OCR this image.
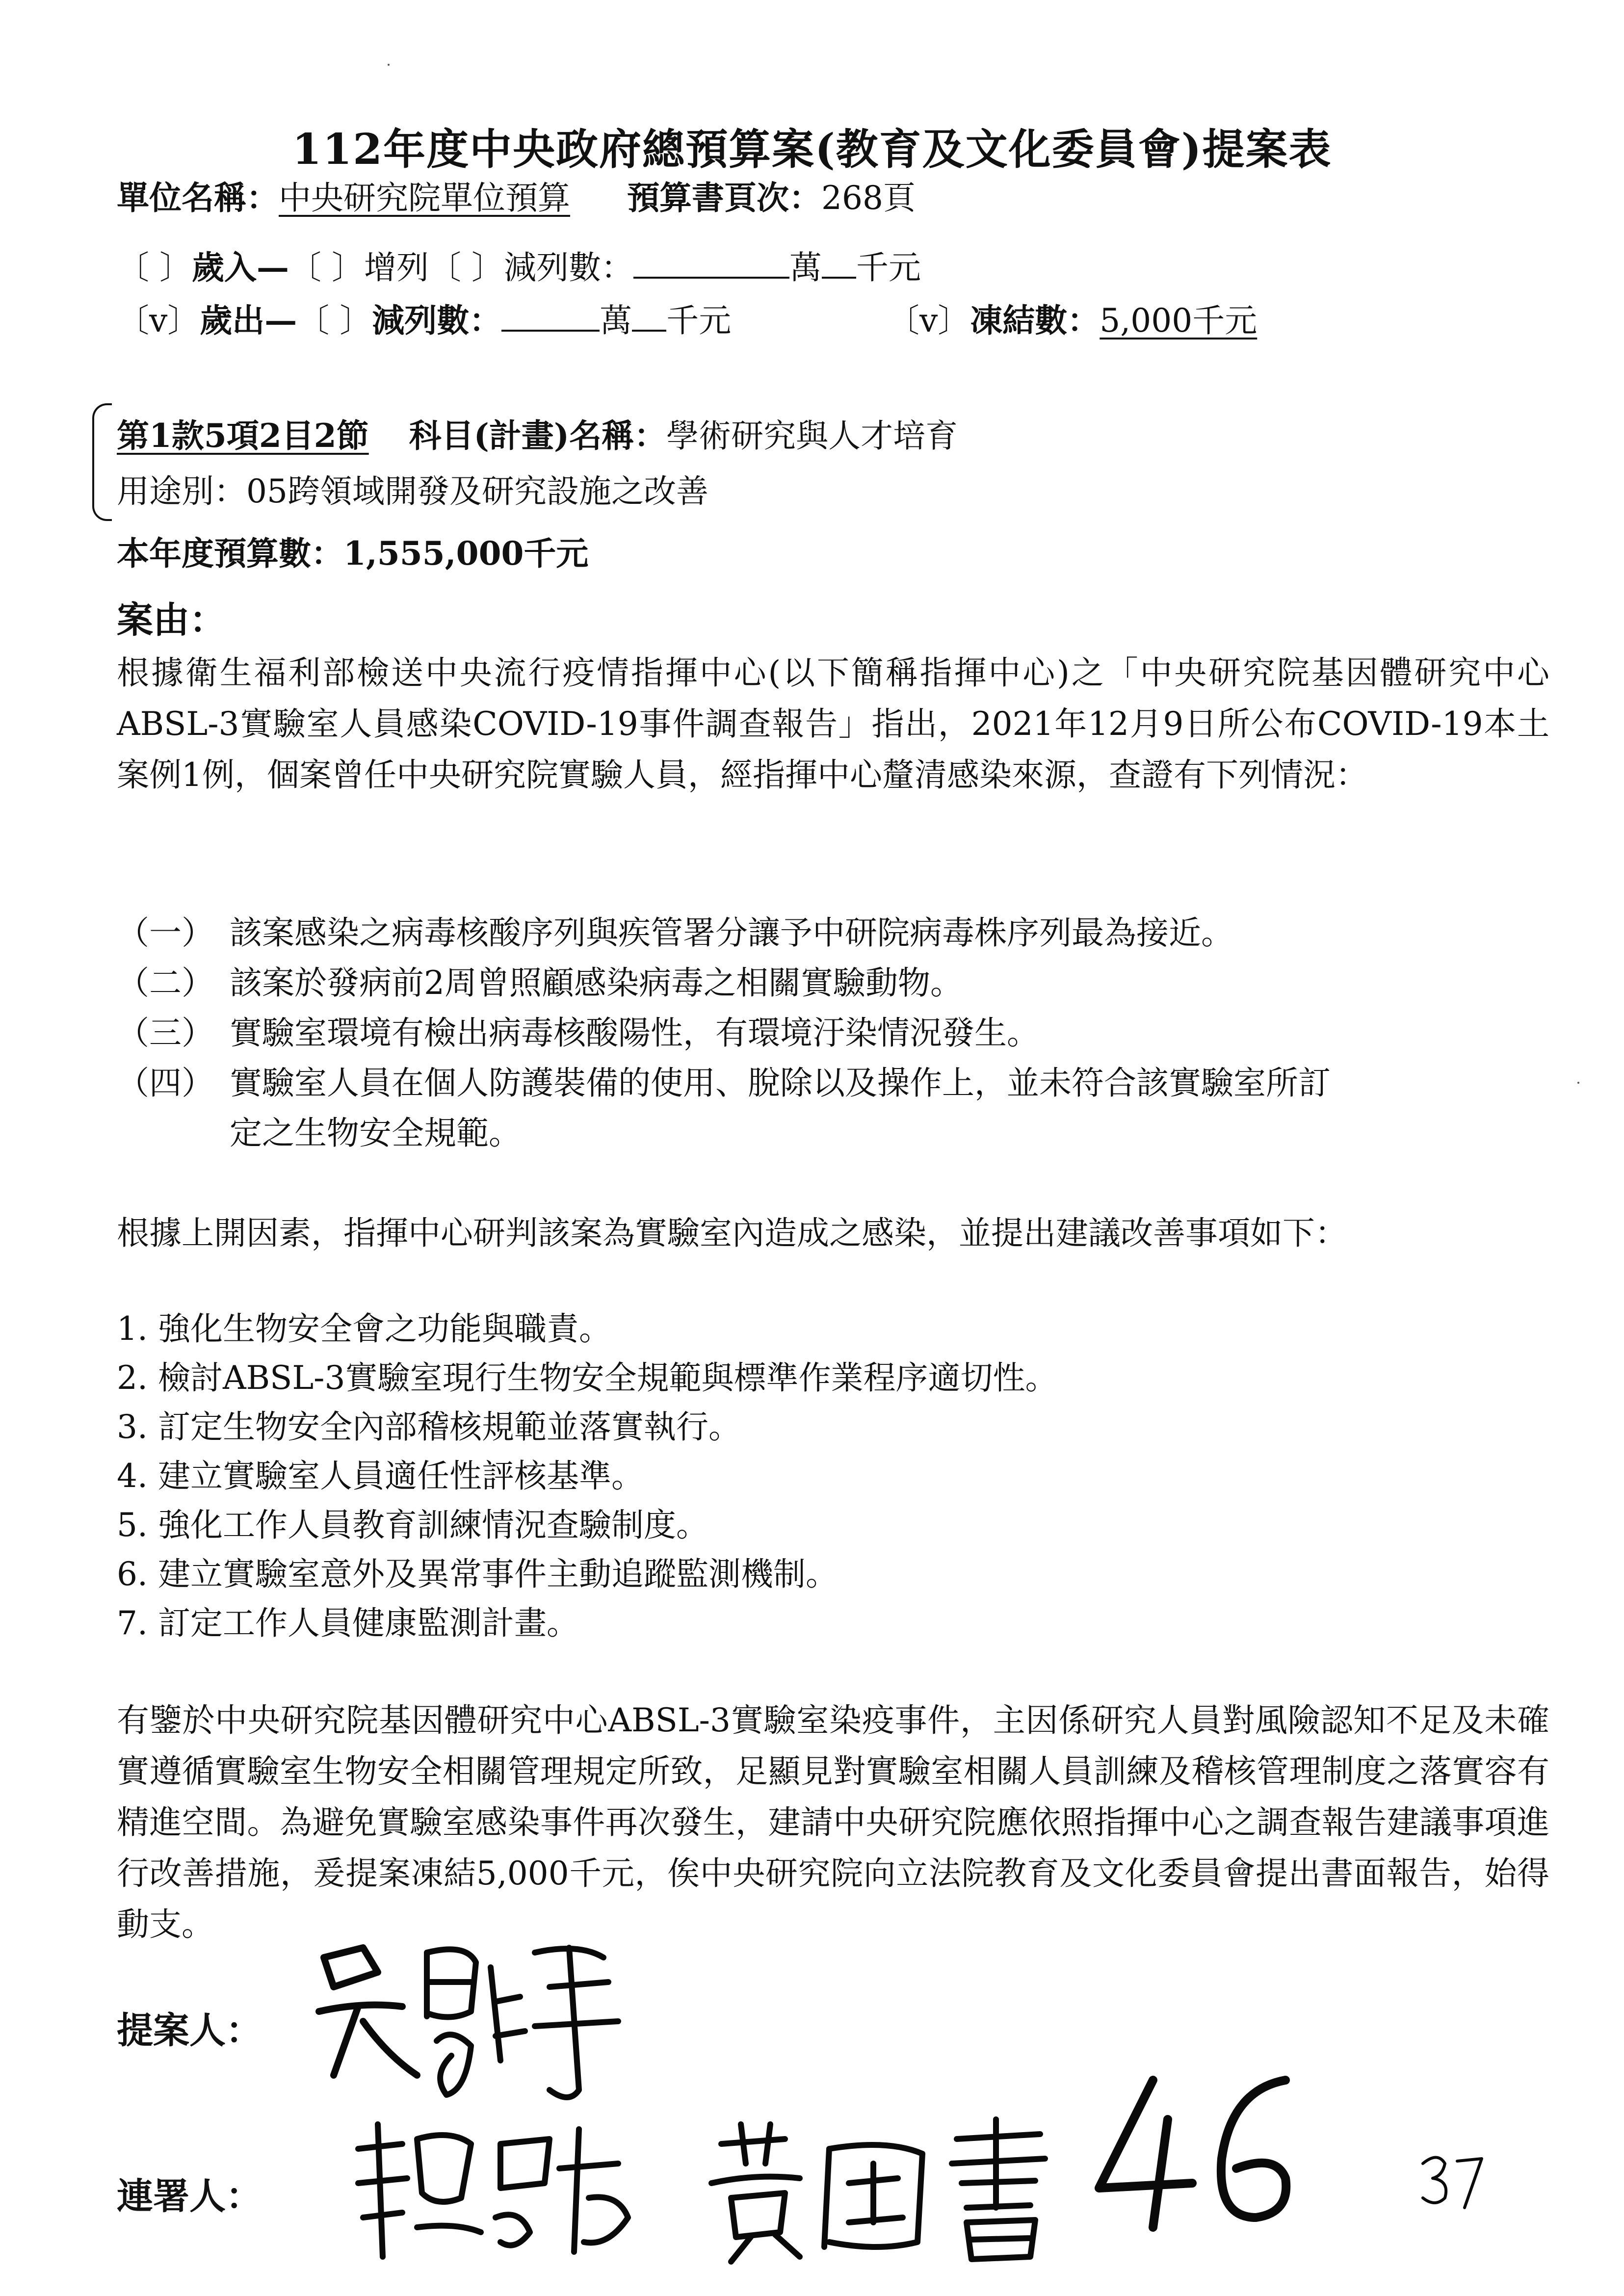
112年度中央政府總預算案(教育及文化委員會)提案表
單位名稱：中央研究院單位預算 預算書頁次：268頁
〔 〕歲入—〔 〕增列〔 〕減列數：	萬 千元
〔v〕歲出—〔 〕減列數：	萬 千元	〔v〕凍結數：5,000千元
第1款5項2目2節 科目(計畫)名稱：學術研究與人才培育
用途別：05跨領域開發及研究設施之改善
本年度預算數：1,555,000千元
案由：
根據衛生福利部檢送中央流行疫情指揮中心(以下簡稱指揮中心)之「中央研究院基因體研究中心ABSL-3實驗室人員感染COVID-19事件調查報告」指出，2021年12月9日所公布COVID-19本土案例1例，個案曾任中央研究院實驗人員，經指揮中心釐清感染來源，查證有下列情況：
（一） 該案感染之病毒核酸序列與疾管署分讓予中研院病毒株序列最為接近。
（二） 該案於發病前2周曾照顧感染病毒之相關實驗動物。
（三） 實驗室環境有檢出病毒核酸陽性，有環境汙染情況發生。
（四） 實驗室人員在個人防護裝備的使用、脫除以及操作上，並未符合該實驗室所訂
定之生物安全規範。
根據上開因素，指揮中心研判該案為實驗室內造成之感染，並提出建議改善事項如下：
1. 強化生物安全會之功能與職責。
2. 檢討ABSL-3實驗室現行生物安全規範與標準作業程序適切性。
3. 訂定生物安全內部稽核規範並落實執行。
4. 建立實驗室人員適任性評核基準。
5. 強化工作人員教育訓練情況查驗制度。
6. 建立實驗室意外及異常事件主動追蹤監測機制。
7. 訂定工作人員健康監測計畫。
有鑒於中央研究院基因體研究中心ABSL-3實驗室染疫事件，主因係研究人員對風險認知不足及未確實遵循實驗室生物安全相關管理規定所致，足顯見對實驗室相關人員訓練及稽核管理制度之落實容有精進空間。為避免實驗室感染事件再次發生，建請中央研究院應依照指揮中心之調查報告建議事項進行改善措施，爰提案凍結5,000千元，俟中央研究院向立法院教育及文化委員會提出書面報告，始得動支。
提案人：
連署人：
